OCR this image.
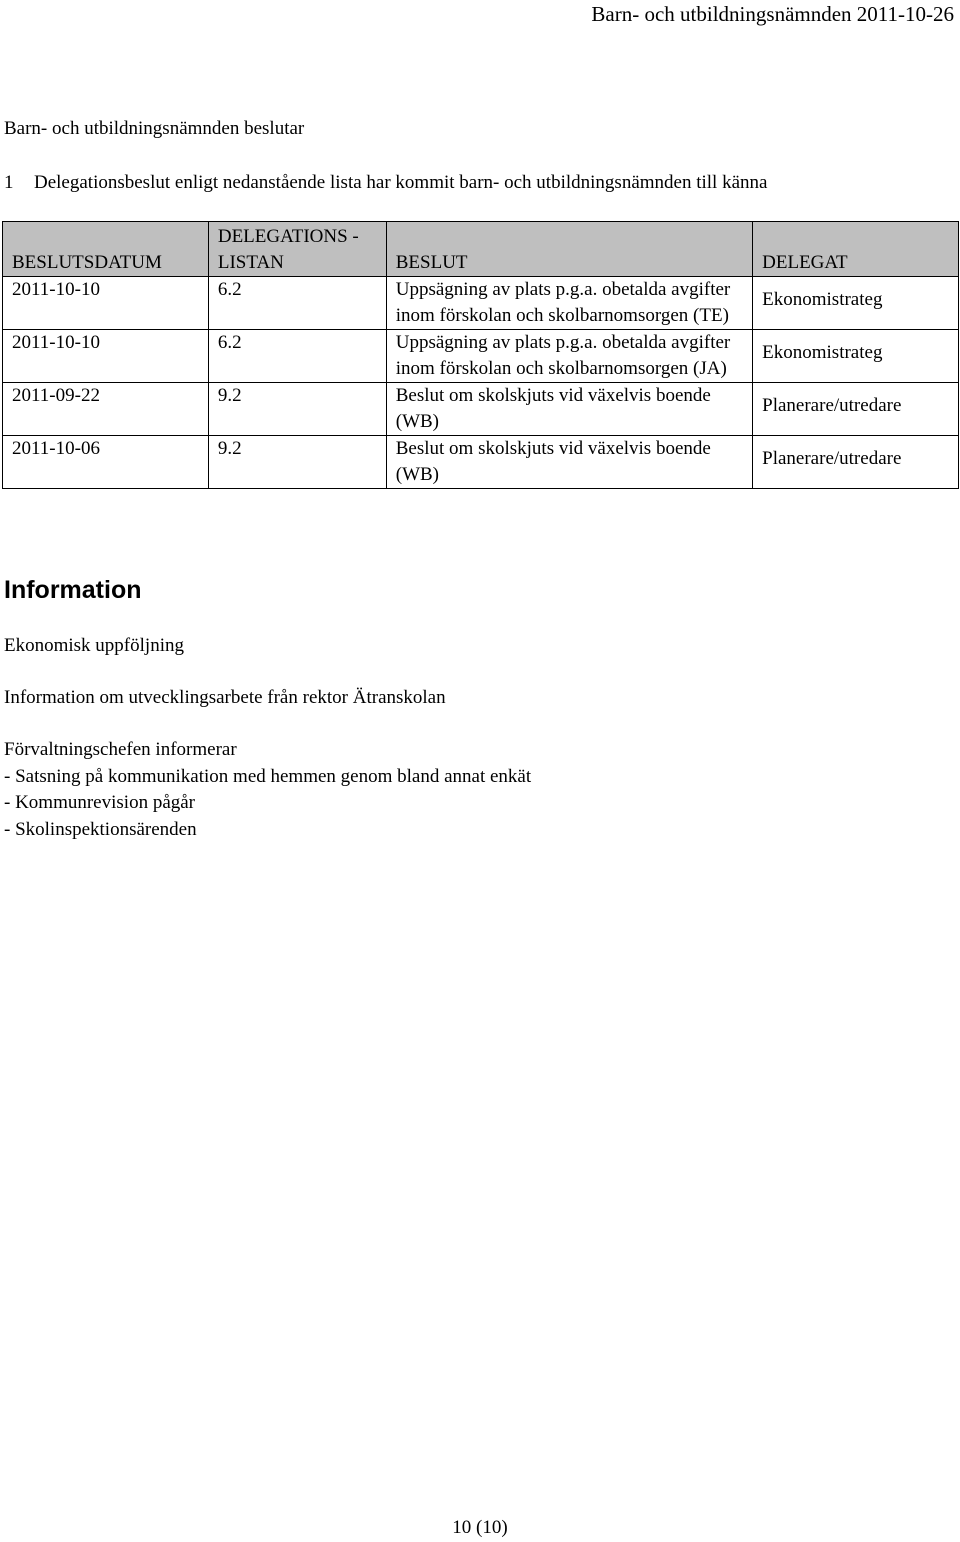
Barn- och utbildningsnämnden 2011-10-26
Barn- och utbildningsnämnden beslutar
1 Delegationsbeslut enligt nedanstående lista har kommit barn- och utbildningsnämnden till känna
BESLUTSDATUM	DELEGATIONS -LISTAN	BESLUT	DELEGAT
2011-10-10	6.2	Uppsägning av plats p.g.a. obetalda avgifter inom förskolan och skolbarnomsorgen (TE)	Ekonomistrateg
2011-10-10	6.2	Uppsägning av plats p.g.a. obetalda avgifter inom förskolan och skolbarnomsorgen (JA)	Ekonomistrateg
2011-09-22	9.2	Beslut om skolskjuts vid växelvis boende (WB)	Planerare/utredare
2011-10-06	9.2	Beslut om skolskjuts vid växelvis boende (WB)	Planerare/utredare
Information
Ekonomisk uppföljning
Information om utvecklingsarbete från rektor Ätranskolan
Förvaltningschefen informerar
- Satsning på kommunikation med hemmen genom bland annat enkät
- Kommunrevision pågår
- Skolinspektionsärenden
10 (10)
